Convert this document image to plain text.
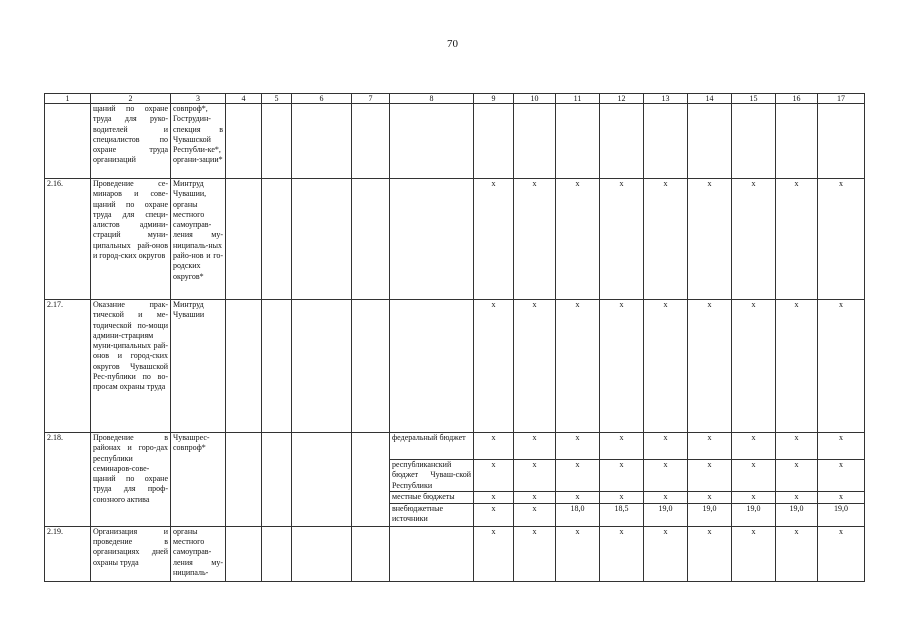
70
1	2	3	4	5	6	7	8	9	10	11	12	13	14	15	16	17
	щаний по охране труда для руко-водителей и специалистов по охране труда организаций	совпроф*, Гострудин-спекция в Чувашской Республи-ке*, органи-зации*														
2.16.	Проведение се-минаров и сове-щаний по охране труда для специ-алистов админи-страций муни-ципальных рай-онов и город-ских округов	Минтруд Чувашии, органы местного самоуправ-ления му-ниципаль-ных райо-нов и го-родских округов*						х	х	х	х	х	х	х	х	х
2.17.	Оказание прак-тической и ме-тодической по-мощи админи-страциям муни-ципальных рай-онов и город-ских округов Чувашской Рес-публики по во-просам охраны труда	Минтруд Чувашии						х	х	х	х	х	х	х	х	х
2.18.	Проведение в районах и горо-дах республики семинаров-сове-щаний по охране труда для проф-союзного актива	Чувашрес-совпроф*					федеральный бюджет	х	х	х	х	х	х	х	х	х
							республиканский бюджет Чуваш-ской Республики	х	х	х	х	х	х	х	х	х
							местные бюджеты	х	х	х	х	х	х	х	х	х
							внебюджетные источники	х	х	18,0	18,5	19,0	19,0	19,0	19,0	19,0
2.19.	Организация и проведение в организациях дней охраны труда	органы местного самоуправ-ления му-ниципаль-						х	х	х	х	х	х	х	х	х
